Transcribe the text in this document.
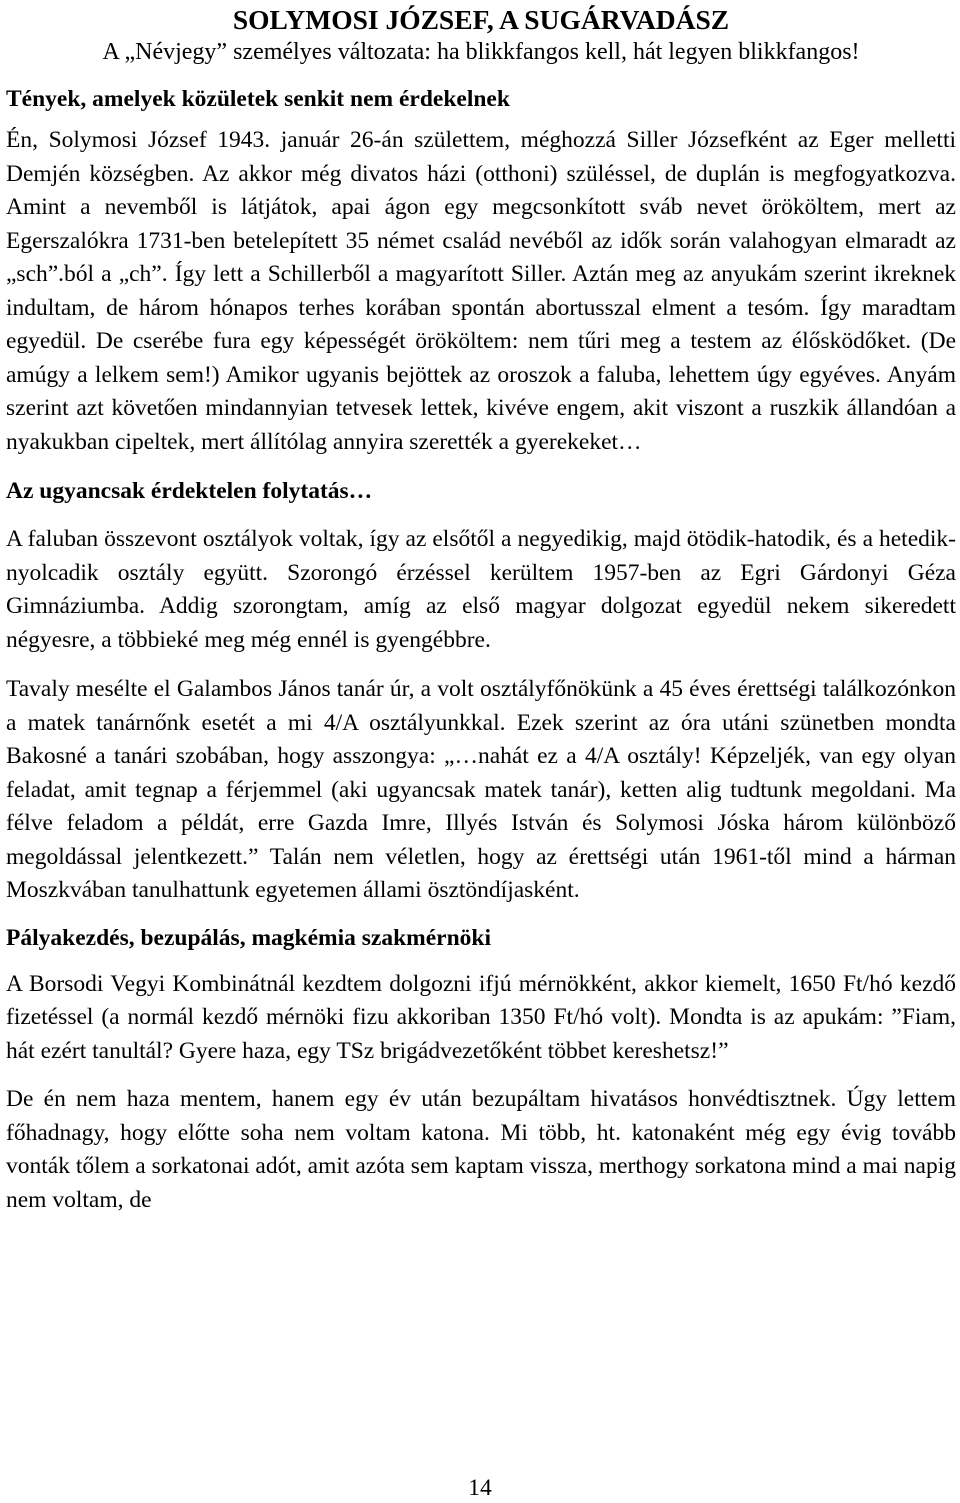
SOLYMOSI JÓZSEF, A SUGÁRVADÁSZ

A „Névjegy” személyes változata: ha blikkfangos kell, hát legyen blikkfangos!

Tények, amelyek közületek senkit nem érdekelnek

Én, Solymosi József 1943. január 26-án születtem, méghozzá Siller Józsefként az Eger melletti Demjén községben. Az akkor még divatos házi (otthoni) szüléssel, de duplán is megfogyatkozva. Amint a nevemből is látjátok, apai ágon egy megcsonkított sváb nevet örököltem, mert az Egerszalókra 1731-ben betelepített 35 német család nevéből az idők során valahogyan elmaradt az „sch”.ból a „ch”. Így lett a Schillerből a magyarított Siller. Aztán meg az anyukám szerint ikreknek indultam, de három hónapos terhes korában spontán abortusszal elment a tesóm. Így maradtam egyedül. De cserébe fura egy képességét örököltem: nem tűri meg a testem az élősködőket. (De amúgy a lelkem sem!) Amikor ugyanis bejöttek az oroszok a faluba, lehettem úgy egyéves. Anyám szerint azt követően mindannyian tetvesek lettek, kivéve engem, akit viszont a ruszkik állandóan a nyakukban cipeltek, mert állítólag annyira szerették a gyerekeket…

Az ugyancsak érdektelen folytatás…

A faluban összevont osztályok voltak, így az elsőtől a negyedikig, majd ötödik-hatodik, és a hetedik-nyolcadik osztály együtt. Szorongó érzéssel kerültem 1957-ben az Egri Gárdonyi Géza Gimnáziumba. Addig szorongtam, amíg az első magyar dolgozat egyedül nekem sikeredett négyesre, a többieké meg még ennél is gyengébbre.

Tavaly mesélte el Galambos János tanár úr, a volt osztályfőnökünk a 45 éves érettségi találkozónkon a matek tanárnőnk esetét a mi 4/A osztályunkkal. Ezek szerint az óra utáni szünetben mondta Bakosné a tanári szobában, hogy asszongya: „…nahát ez a 4/A osztály! Képzeljék, van egy olyan feladat, amit tegnap a férjemmel (aki ugyancsak matek tanár), ketten alig tudtunk megoldani. Ma félve feladom a példát, erre Gazda Imre, Illyés István és Solymosi Jóska három különböző megoldással jelentkezett.” Talán nem véletlen, hogy az érettségi után 1961-től mind a hárman Moszkvában tanulhattunk egyetemen állami ösztöndíjasként.

Pályakezdés, bezupálás, magkémia szakmérnöki

A Borsodi Vegyi Kombinátnál kezdtem dolgozni ifjú mérnökként, akkor kiemelt, 1650 Ft/hó kezdő fizetéssel (a normál kezdő mérnöki fizu akkoriban 1350 Ft/hó volt). Mondta is az apukám: ”Fiam, hát ezért tanultál? Gyere haza, egy TSz brigádvezetőként többet kereshetsz!”

De én nem haza mentem, hanem egy év után bezupáltam hivatásos honvédtisztnek. Úgy lettem főhadnagy, hogy előtte soha nem voltam katona. Mi több, ht. katonaként még egy évig tovább vonták tőlem a sorkatonai adót, amit azóta sem kaptam vissza, merthogy sorkatona mind a mai napig nem voltam, de

14
